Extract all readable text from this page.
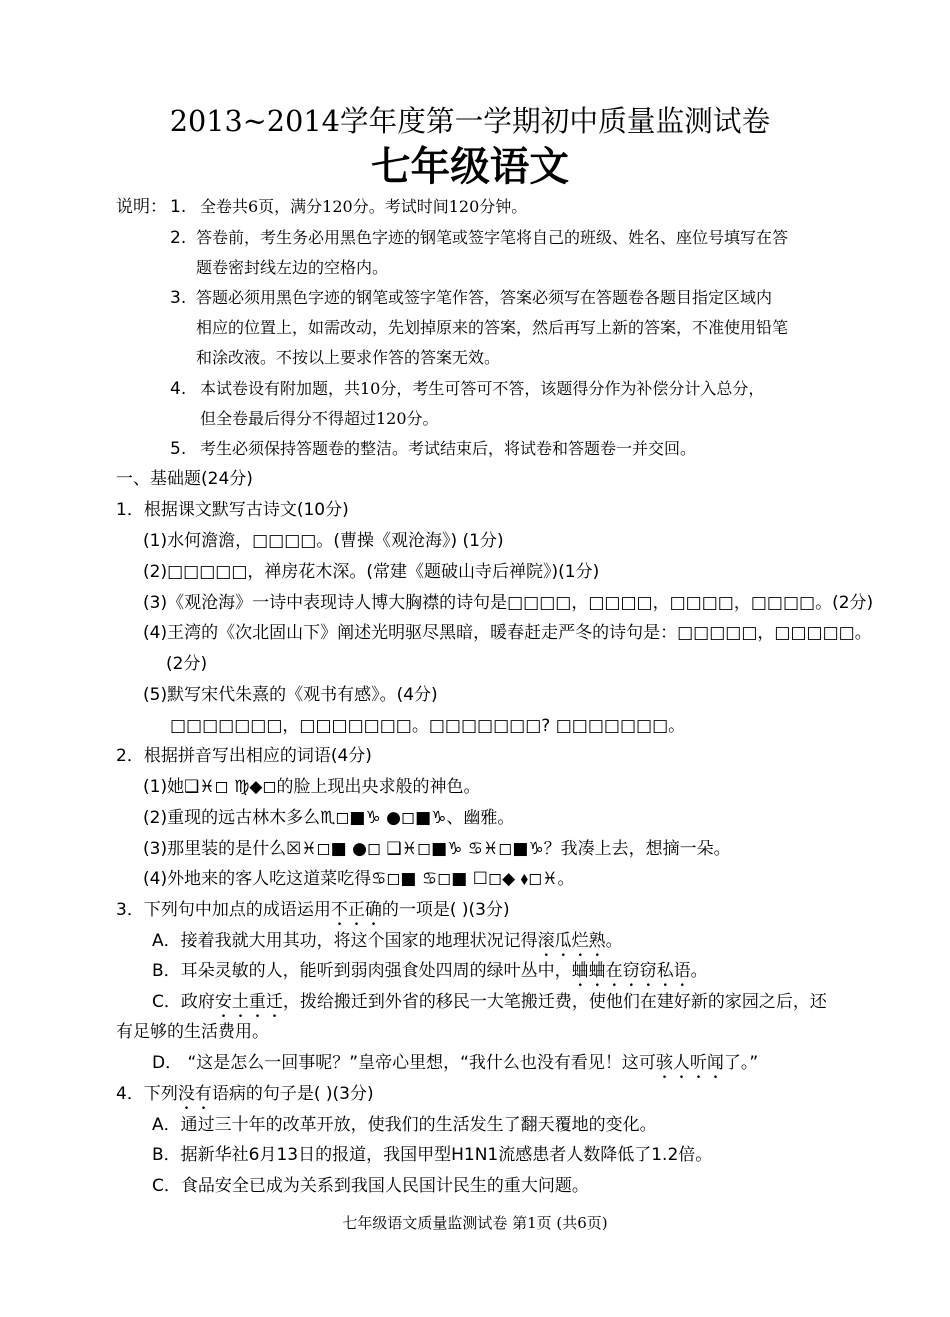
2013~2014学年度第一学期初中质量监测试卷
七年级语文
说明： 1. 全卷共6页，满分120分。考试时间120分钟。
2. 答卷前，考生务必用黑色字迹的钢笔或签字笔将自己的班级、姓名、座位号填写在答
题卷密封线左边的空格内。
3. 答题必须用黑色字迹的钢笔或签字笔作答，答案必须写在答题卷各题目指定区域内
相应的位置上，如需改动，先划掉原来的答案，然后再写上新的答案，不准使用铅笔
和涂改液。不按以上要求作答的答案无效。
4. 本试卷设有附加题，共10分，考生可答可不答，该题得分作为补偿分计入总分，
但全卷最后得分不得超过120分。
5. 考生必须保持答题卷的整洁。考试结束后，将试卷和答题卷一并交回。
一、基础题(24分)
1．根据课文默写古诗文(10分)
(1)水何澹澹，□□□□。(曹操《观沧海》) (1分)
(2)□□□□□，禅房花木深。(常建《题破山寺后禅院》)(1分)
(3)《观沧海》一诗中表现诗人博大胸襟的诗句是□□□□，□□□□，□□□□，□□□□。(2分)
(4)王湾的《次北固山下》阐述光明驱尽黑暗，暖春赶走严冬的诗句是：□□□□□，□□□□□。
(2分)
(5)默写宋代朱熹的《观书有感》。(4分)
□□□□□□□，□□□□□□□。□□□□□□□? □□□□□□□。
2．根据拼音写出相应的词语(4分)
(1)她❑♓◻ ♍◆◻的脸上现出央求般的神色。
(2)重现的远古林木多么♏◻■♑ ●◻■♑、幽雅。
(3)那里装的是什么☒♓◻■ ●◻ ❑♓◻■♑ ♋♓◻■♑？我凑上去，想摘一朵。
(4)外地来的客人吃这道菜吃得♋◻■ ♋◻■ ☐◻◆ ⬧◻♓。
3．下列句中加点的成语运用不正确的一项是( )(3分)
A．接着我就大用其功，将这个国家的地理状况记得滚瓜烂熟。
B．耳朵灵敏的人，能听到弱肉强食处四周的绿叶丛中，蛐蛐在窃窃私语。
C．政府安土重迁，拨给搬迁到外省的移民一大笔搬迁费，使他们在建好新的家园之后，还
有足够的生活费用。
D． “这是怎么一回事呢？”皇帝心里想，“我什么也没有看见！这可骇人听闻了。”
4．下列没有语病的句子是( )(3分)
A．通过三十年的改革开放，使我们的生活发生了翻天覆地的变化。
B．据新华社6月13日的报道，我国甲型H1N1流感患者人数降低了1.2倍。
C．食品安全已成为关系到我国人民国计民生的重大问题。
七年级语文质量监测试卷 第1页 (共6页)
